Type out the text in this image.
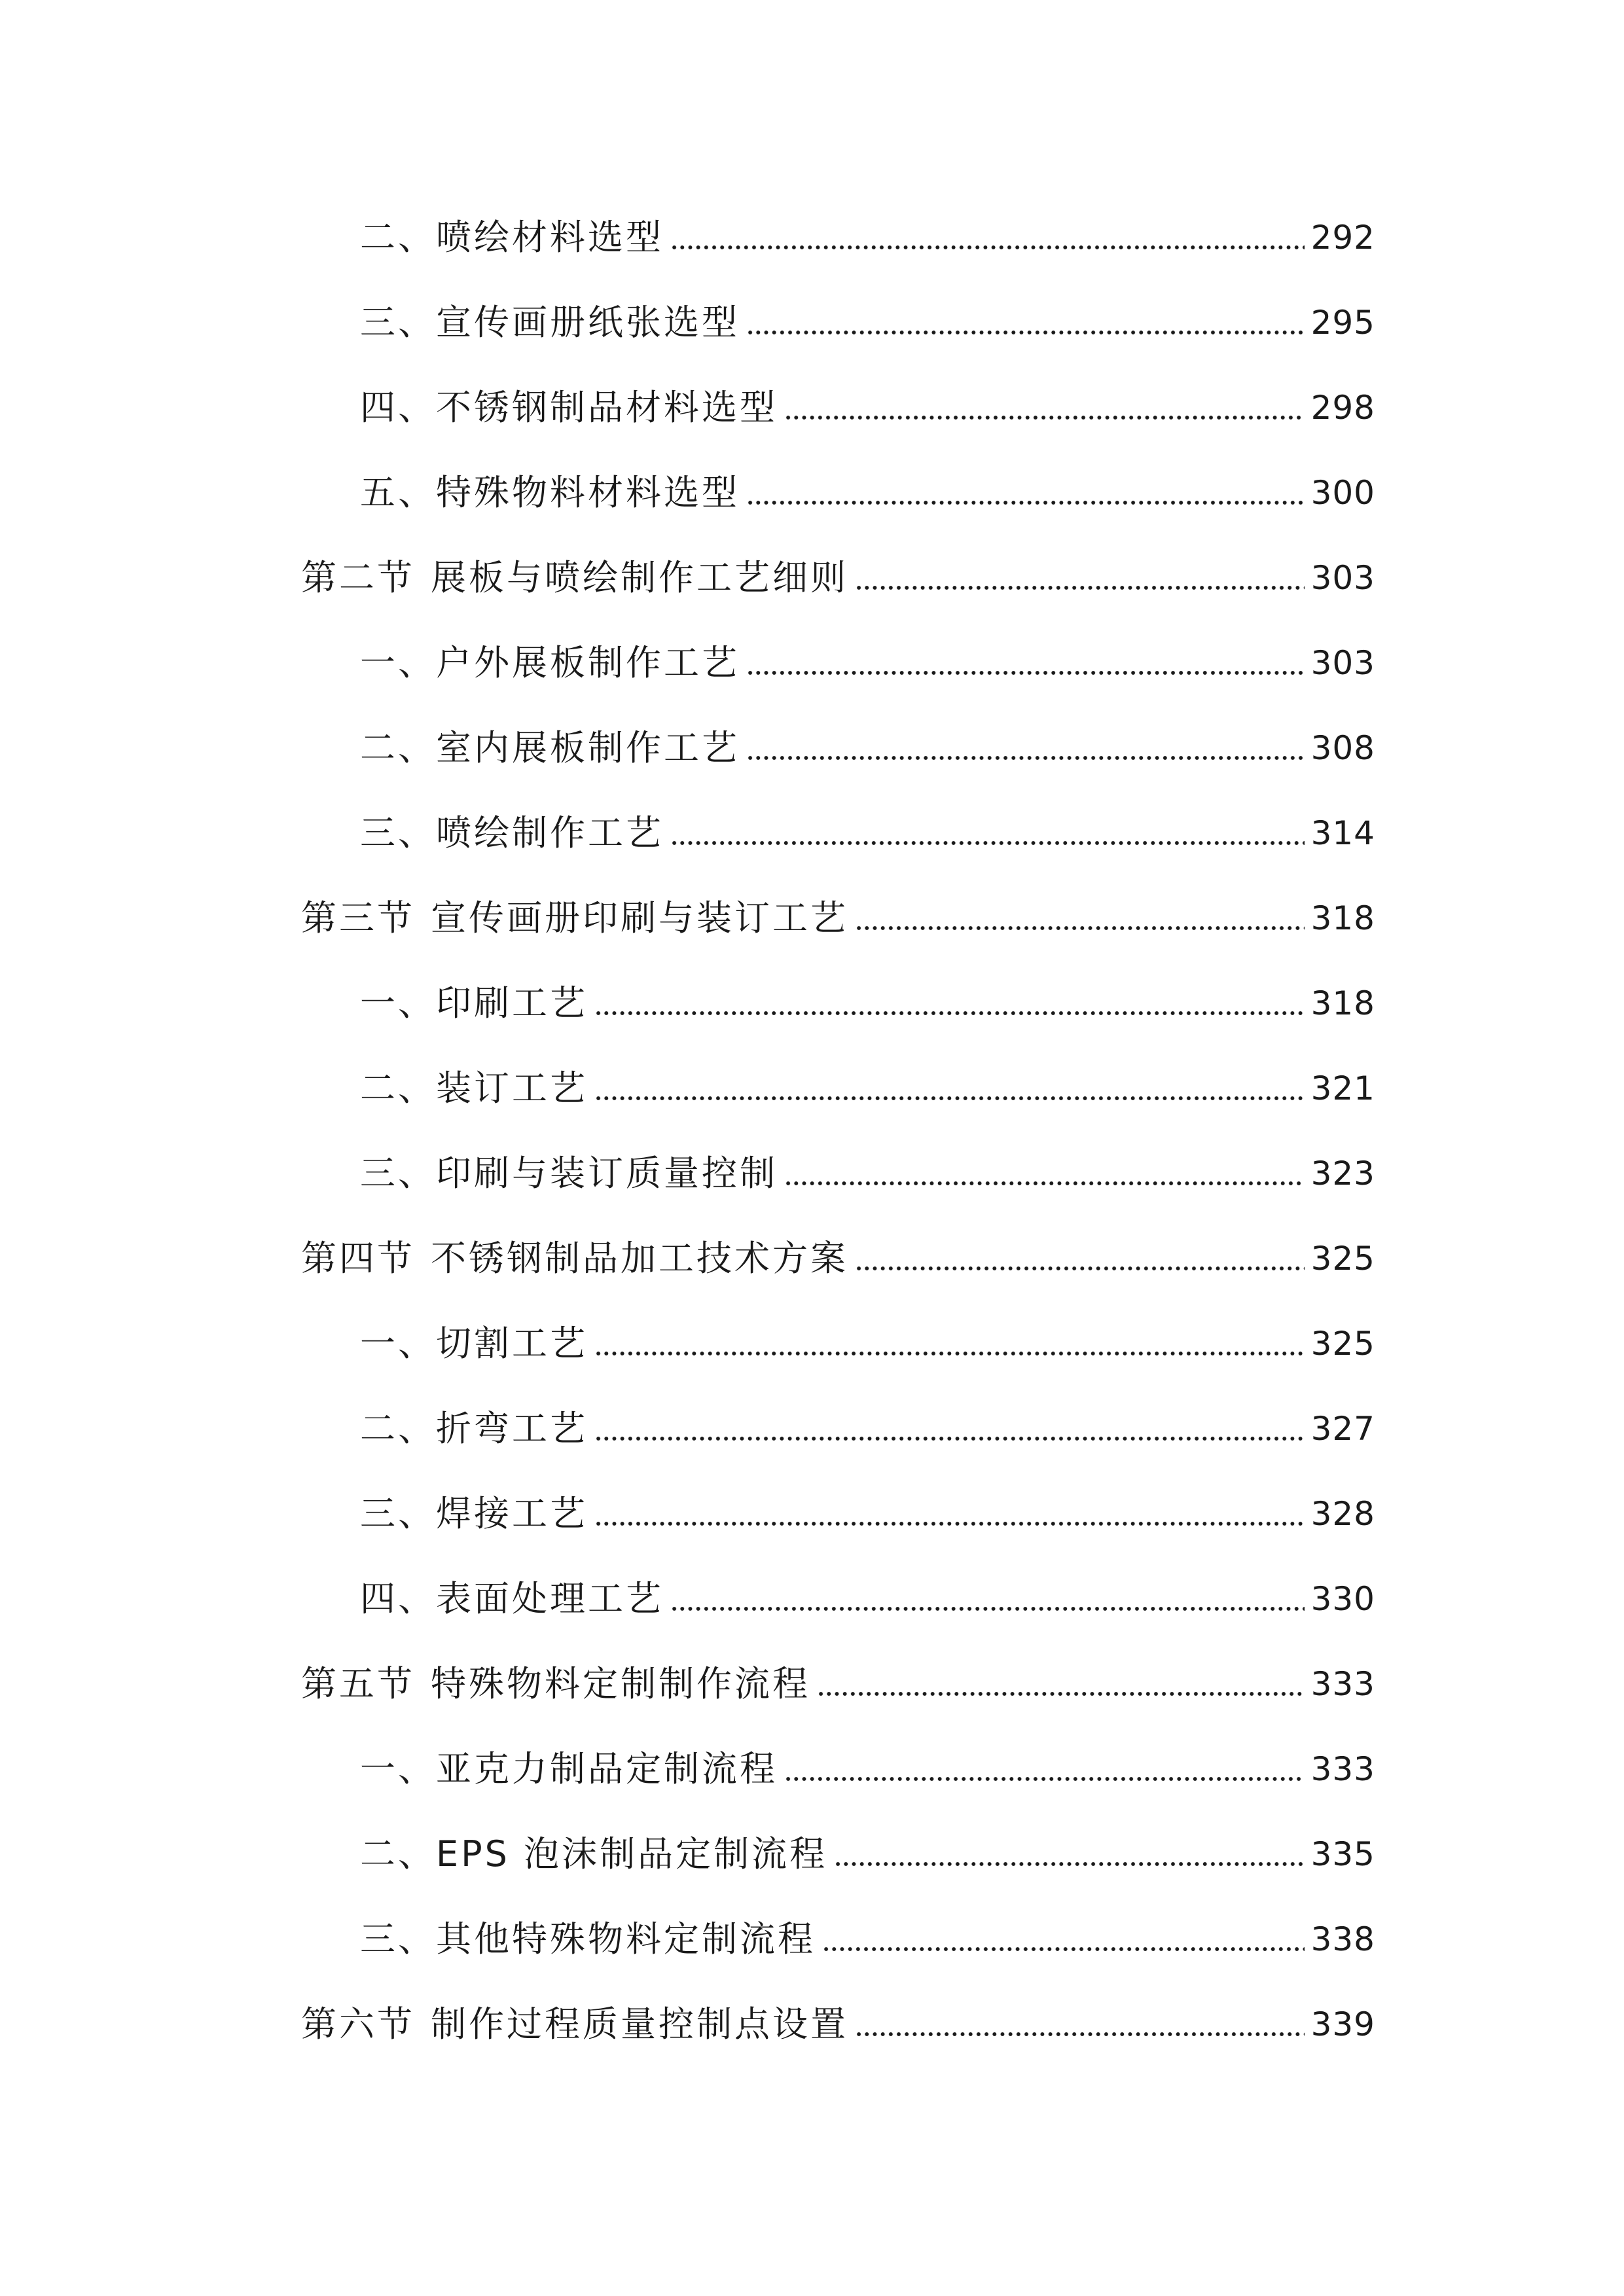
二、喷绘材料选型	292
三、宣传画册纸张选型	295
四、不锈钢制品材料选型	298
五、特殊物料材料选型	300
第二节 展板与喷绘制作工艺细则	303
一、户外展板制作工艺	303
二、室内展板制作工艺	308
三、喷绘制作工艺	314
第三节 宣传画册印刷与装订工艺	318
一、印刷工艺	318
二、装订工艺	321
三、印刷与装订质量控制	323
第四节 不锈钢制品加工技术方案	325
一、切割工艺	325
二、折弯工艺	327
三、焊接工艺	328
四、表面处理工艺	330
第五节 特殊物料定制制作流程	333
一、亚克力制品定制流程	333
二、EPS 泡沫制品定制流程	335
三、其他特殊物料定制流程	338
第六节 制作过程质量控制点设置	339
